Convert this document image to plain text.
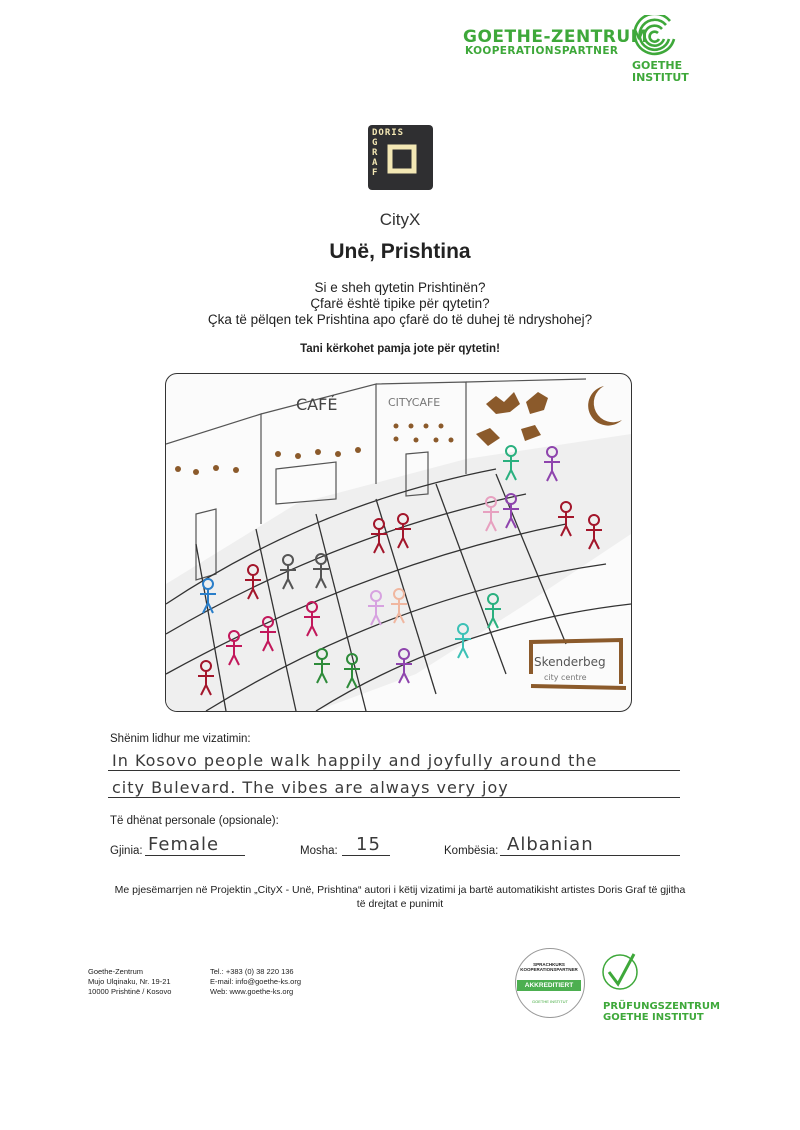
GOETHE-ZENTRUM
KOOPERATIONSPARTNER
GOETHE
INSTITUT
DORIS
G
R
A
F
CityX
Unë, Prishtina
Si e sheh qytetin Prishtinën?
Çfarë është tipike për qytetin?
Çka të pëlqen tek Prishtina apo çfarë do të duhej të ndryshohej?
Tani kërkohet pamja jote për qytetin!
CAFÉ	CITYCAFE
Skenderbeg
city centre
Shënim lidhur me vizatimin:
In Kosovo people walk happily and joyfully around the
city Bulevard. The vibes are always very joy
Të dhënat personale (opsionale):
Gjinia: Female	Mosha: 15	Kombësia: Albanian
Me pjesëmarrjen në Projektin „CityX - Unë, Prishtina“ autori i këtij vizatimi ja bartë automatikisht artistes Doris Graf të gjitha të drejtat e punimit
Goethe-Zentrum
Mujo Ulqinaku, Nr. 19-21
10000 Prishtinë / Kosovo
Tel.: +383 (0) 38 220 136
E-mail: info@goethe-ks.org
Web: www.goethe-ks.org
SPRACHKURS KOOPERATIONSPARTNER
AKKREDITIERT
GOETHE INSTITUT	PRÜFUNGSZENTRUM
GOETHE INSTITUT
